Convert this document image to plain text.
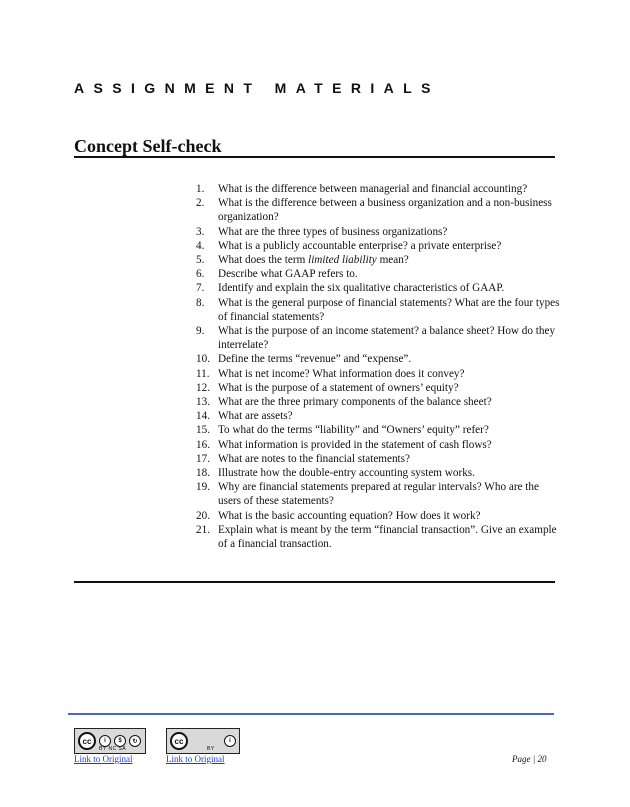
ASSIGNMENT MATERIALS
Concept Self-check
1.	What is the difference between managerial and financial accounting?
2.	What is the difference between a business organization and a non-business organization?
3.	What are the three types of business organizations?
4.	What is a publicly accountable enterprise? a private enterprise?
5.	What does the term limited liability mean?
6.	Describe what GAAP refers to.
7.	Identify and explain the six qualitative characteristics of GAAP.
8.	What is the general purpose of financial statements? What are the four types of financial statements?
9.	What is the purpose of an income statement? a balance sheet? How do they interrelate?
10. Define the terms “revenue” and “expense”.
11. What is net income? What information does it convey?
12. What is the purpose of a statement of owners’ equity?
13. What are the three primary components of the balance sheet?
14. What are assets?
15. To what do the terms “liability” and “Owners’ equity” refer?
16. What information is provided in the statement of cash flows?
17. What are notes to the financial statements?
18. Illustrate how the double-entry accounting system works.
19. Why are financial statements prepared at regular intervals? Who are the users of these statements?
20. What is the basic accounting equation? How does it work?
21. Explain what is meant by the term “financial transaction”. Give an example of a financial transaction.
cc	i	$	↻
BY NC SA
Link to Original
cc	i
BY
Link to Original	Page | 20
